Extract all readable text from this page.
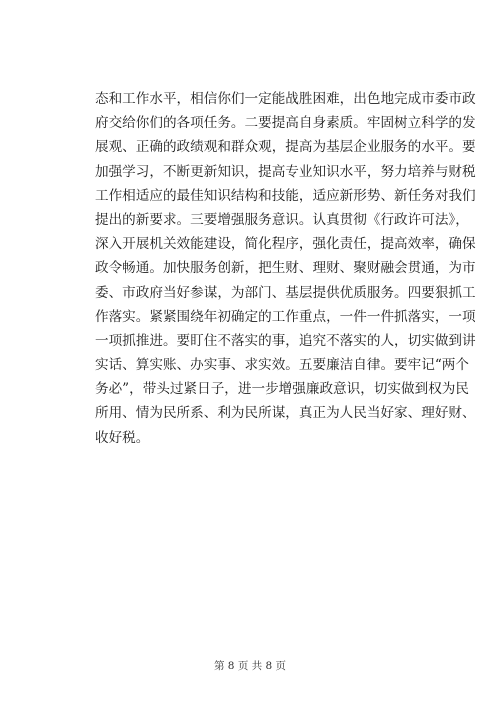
态和工作水平，相信你们一定能战胜困难，出色地完成市委市政
府交给你们的各项任务。二要提高自身素质。牢固树立科学的发
展观、正确的政绩观和群众观，提高为基层企业服务的水平。要
加强学习，不断更新知识，提高专业知识水平，努力培养与财税
工作相适应的最佳知识结构和技能，适应新形势、新任务对我们
提出的新要求。三要增强服务意识。认真贯彻《行政许可法》，
深入开展机关效能建设，简化程序，强化责任，提高效率，确保
政令畅通。加快服务创新，把生财、理财、聚财融会贯通，为市
委、市政府当好参谋，为部门、基层提供优质服务。四要狠抓工
作落实。紧紧围绕年初确定的工作重点，一件一件抓落实，一项
一项抓推进。要盯住不落实的事，追究不落实的人，切实做到讲
实话、算实账、办实事、求实效。五要廉洁自律。要牢记“两个
务必”，带头过紧日子，进一步增强廉政意识，切实做到权为民
所用、情为民所系、利为民所谋，真正为人民当好家、理好财、
收好税。
第 8 页 共 8 页
